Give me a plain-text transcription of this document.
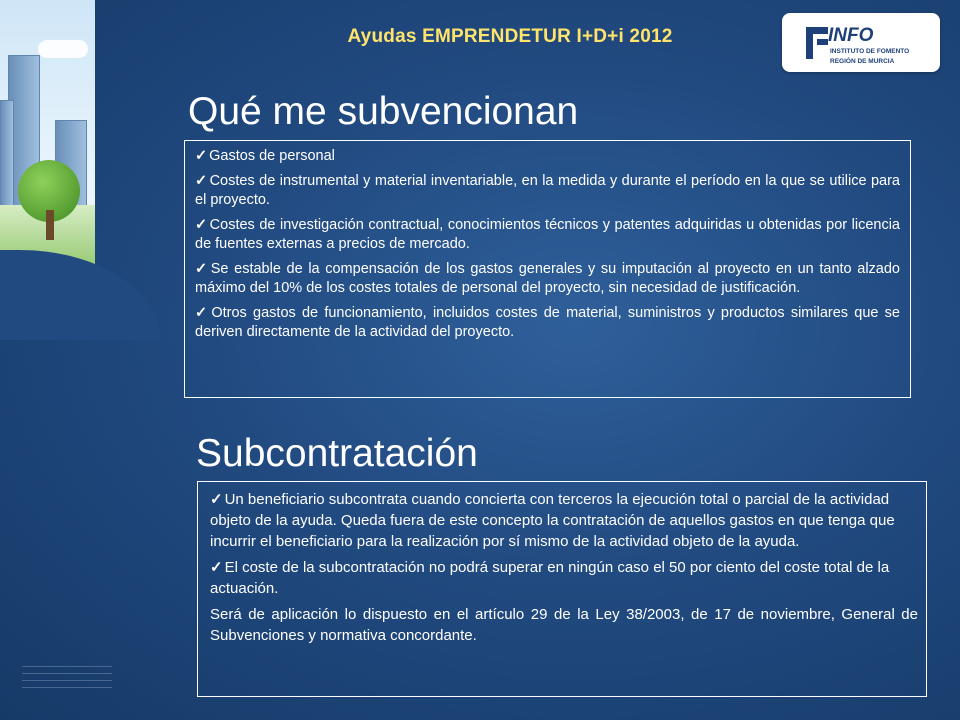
Ayudas EMPRENDETUR I+D+i 2012	INFO
INSTITUTO DE FOMENTO
REGIÓN DE MURCIA
Qué me subvencionan

✓ Gastos de personal

✓ Costes de instrumental y material inventariable, en la medida y durante el período en la que se utilice para el proyecto.

✓ Costes de investigación contractual, conocimientos técnicos y patentes adquiridas u obtenidas por licencia de fuentes externas a precios de mercado.

✓ Se estable de la compensación de los gastos generales y su imputación al proyecto en un tanto alzado máximo del 10% de los costes totales de personal del proyecto, sin necesidad de justificación.

✓ Otros gastos de funcionamiento, incluidos costes de material, suministros y productos similares que se deriven directamente de la actividad del proyecto.

Subcontratación

✓ Un beneficiario subcontrata cuando concierta con terceros la ejecución total o parcial de la actividad objeto de la ayuda. Queda fuera de este concepto la contratación de aquellos gastos en que tenga que incurrir el beneficiario para la realización por sí mismo de la actividad objeto de la ayuda.

✓ El coste de la subcontratación no podrá superar en ningún caso el 50 por ciento del coste total de la actuación.

Será de aplicación lo dispuesto en el artículo 29 de la Ley 38/2003, de 17 de noviembre, General de Subvenciones y normativa concordante.
